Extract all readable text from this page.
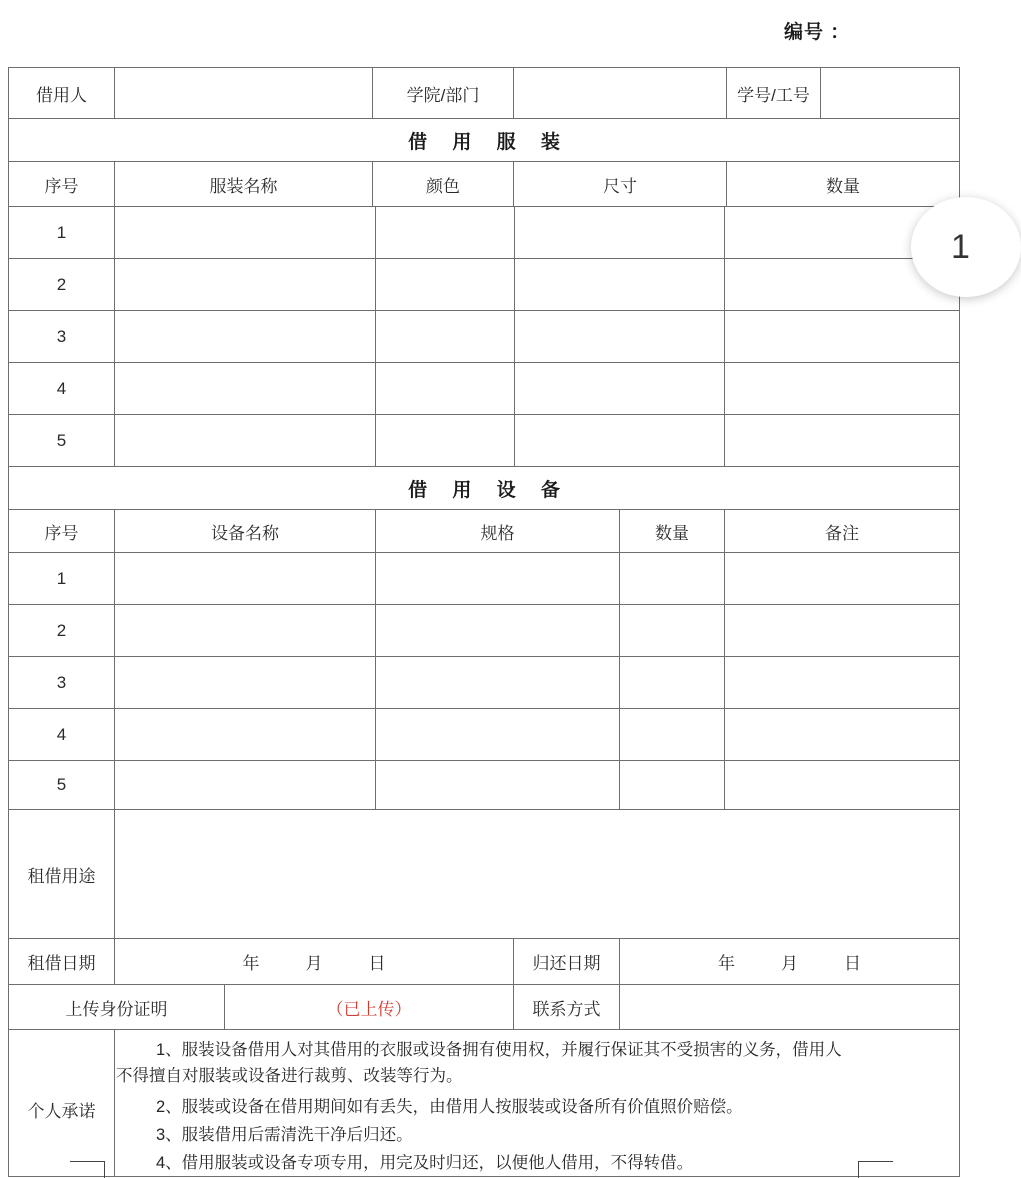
编号 ：
借用人	学院/部门	学号/工号
借 用 服 装
序号	服装名称	颜色	尺寸	数量
1
2
3
4
5
借 用 设 备
序号	设备名称	规格	数量	备注
1
2
3
4
5
租借用途
租借日期	年	月	日	归还日期	年	月	日
上传身份证明	（已上传）	联系方式
个人承诺

1、服装设备借用人对其借用的衣服或设备拥有使用权，并履行保证其不受损害的义务，借用人

不得擅自对服装或设备进行裁剪、改装等行为。

2、服装或设备在借用期间如有丢失，由借用人按服装或设备所有价值照价赔偿。

3、服装借用后需清洗干净后归还。

4、借用服装或设备专项专用，用完及时归还，以便他人借用，不得转借。

1
